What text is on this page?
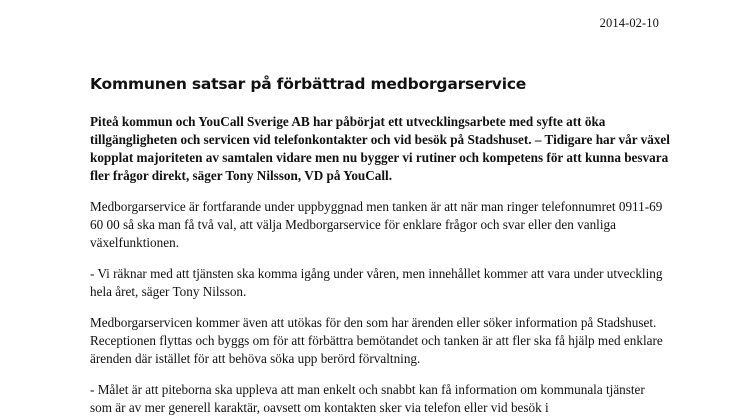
2014-02-10
Kommunen satsar på förbättrad medborgarservice

Piteå kommun och YouCall Sverige AB har påbörjat ett utvecklingsarbete med syfte att öka tillgängligheten och servicen vid telefonkontakter och vid besök på Stadshuset. – Tidigare har vår växel kopplat majoriteten av samtalen vidare men nu bygger vi rutiner och kompetens för att kunna besvara fler frågor direkt, säger Tony Nilsson, VD på YouCall.

Medborgarservice är fortfarande under uppbyggnad men tanken är att när man ringer telefonnumret 0911-69 60 00 så ska man få två val, att välja Medborgarservice för enklare frågor och svar eller den vanliga växelfunktionen.

- Vi räknar med att tjänsten ska komma igång under våren, men innehållet kommer att vara under utveckling hela året, säger Tony Nilsson.

Medborgarservicen kommer även att utökas för den som har ärenden eller söker information på Stadshuset. Receptionen flyttas och byggs om för att förbättra bemötandet och tanken är att fler ska få hjälp med enklare ärenden där istället för att behöva söka upp berörd förvaltning.

- Målet är att piteborna ska uppleva att man enkelt och snabbt kan få information om kommunala tjänster som är av mer generell karaktär, oavsett om kontakten sker via telefon eller vid besök i
